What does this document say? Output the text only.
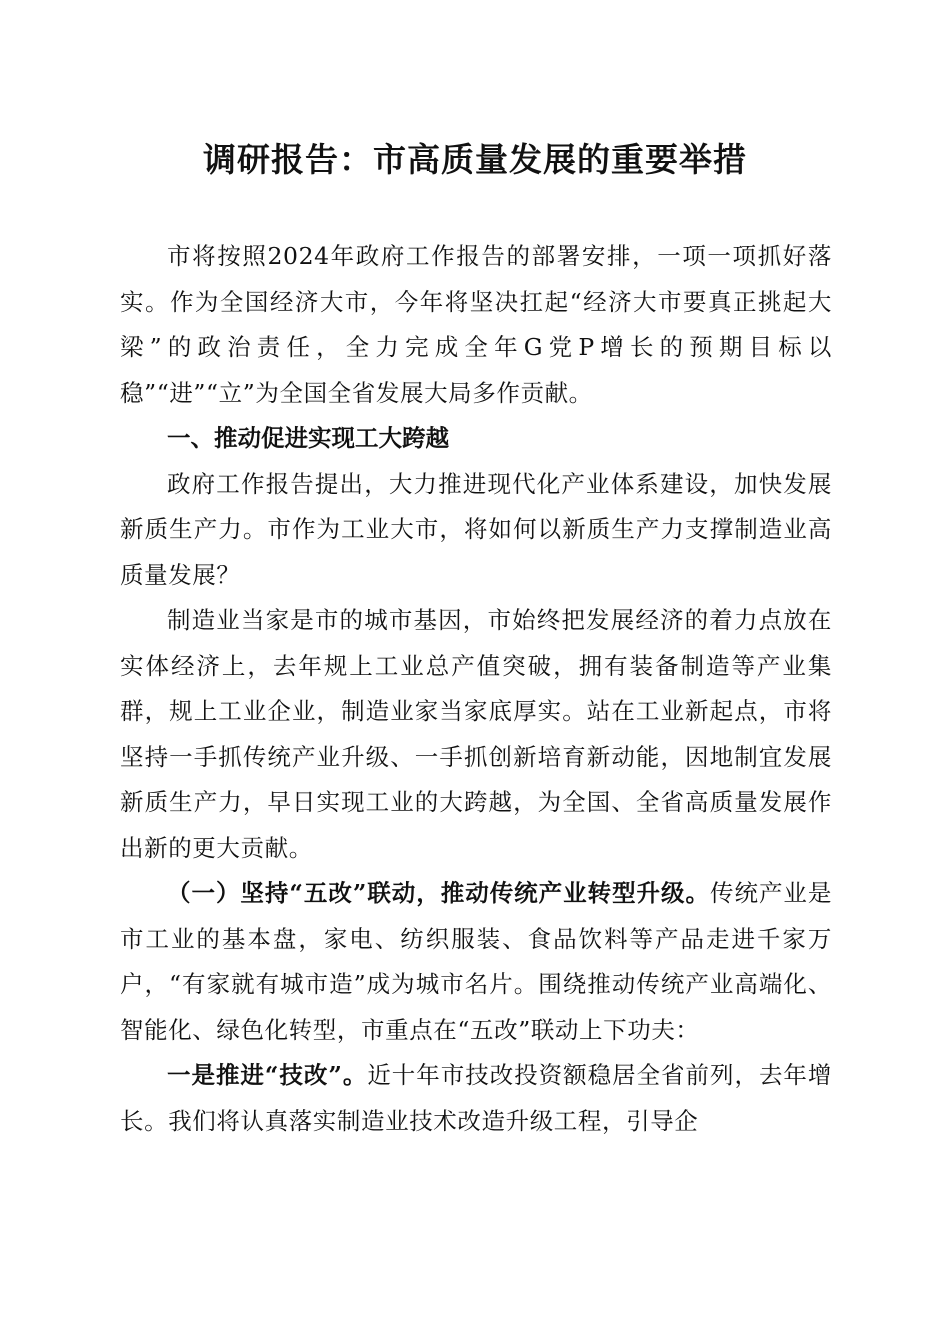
调研报告：市高质量发展的重要举措

市将按照2024年政府工作报告的部署安排，一项一项抓好落实。作为全国经济大市，今年将坚决扛起“经济大市要真正挑起大梁”的政治责任，全力完成全年G党P增长的预期目标以稳”“进”“立”为全国全省发展大局多作贡献。

一、推动促进实现工大跨越

政府工作报告提出，大力推进现代化产业体系建设，加快发展新质生产力。市作为工业大市，将如何以新质生产力支撑制造业高质量发展？

制造业当家是市的城市基因，市始终把发展经济的着力点放在实体经济上，去年规上工业总产值突破，拥有装备制造等产业集群，规上工业企业，制造业家当家底厚实。站在工业新起点，市将坚持一手抓传统产业升级、一手抓创新培育新动能，因地制宜发展新质生产力，早日实现工业的大跨越，为全国、全省高质量发展作出新的更大贡献。

（一）坚持“五改”联动，推动传统产业转型升级。传统产业是市工业的基本盘，家电、纺织服装、食品饮料等产品走进千家万户，“有家就有城市造”成为城市名片。围绕推动传统产业高端化、智能化、绿色化转型，市重点在“五改”联动上下功夫：

一是推进“技改”。近十年市技改投资额稳居全省前列，去年增长。我们将认真落实制造业技术改造升级工程，引导企
